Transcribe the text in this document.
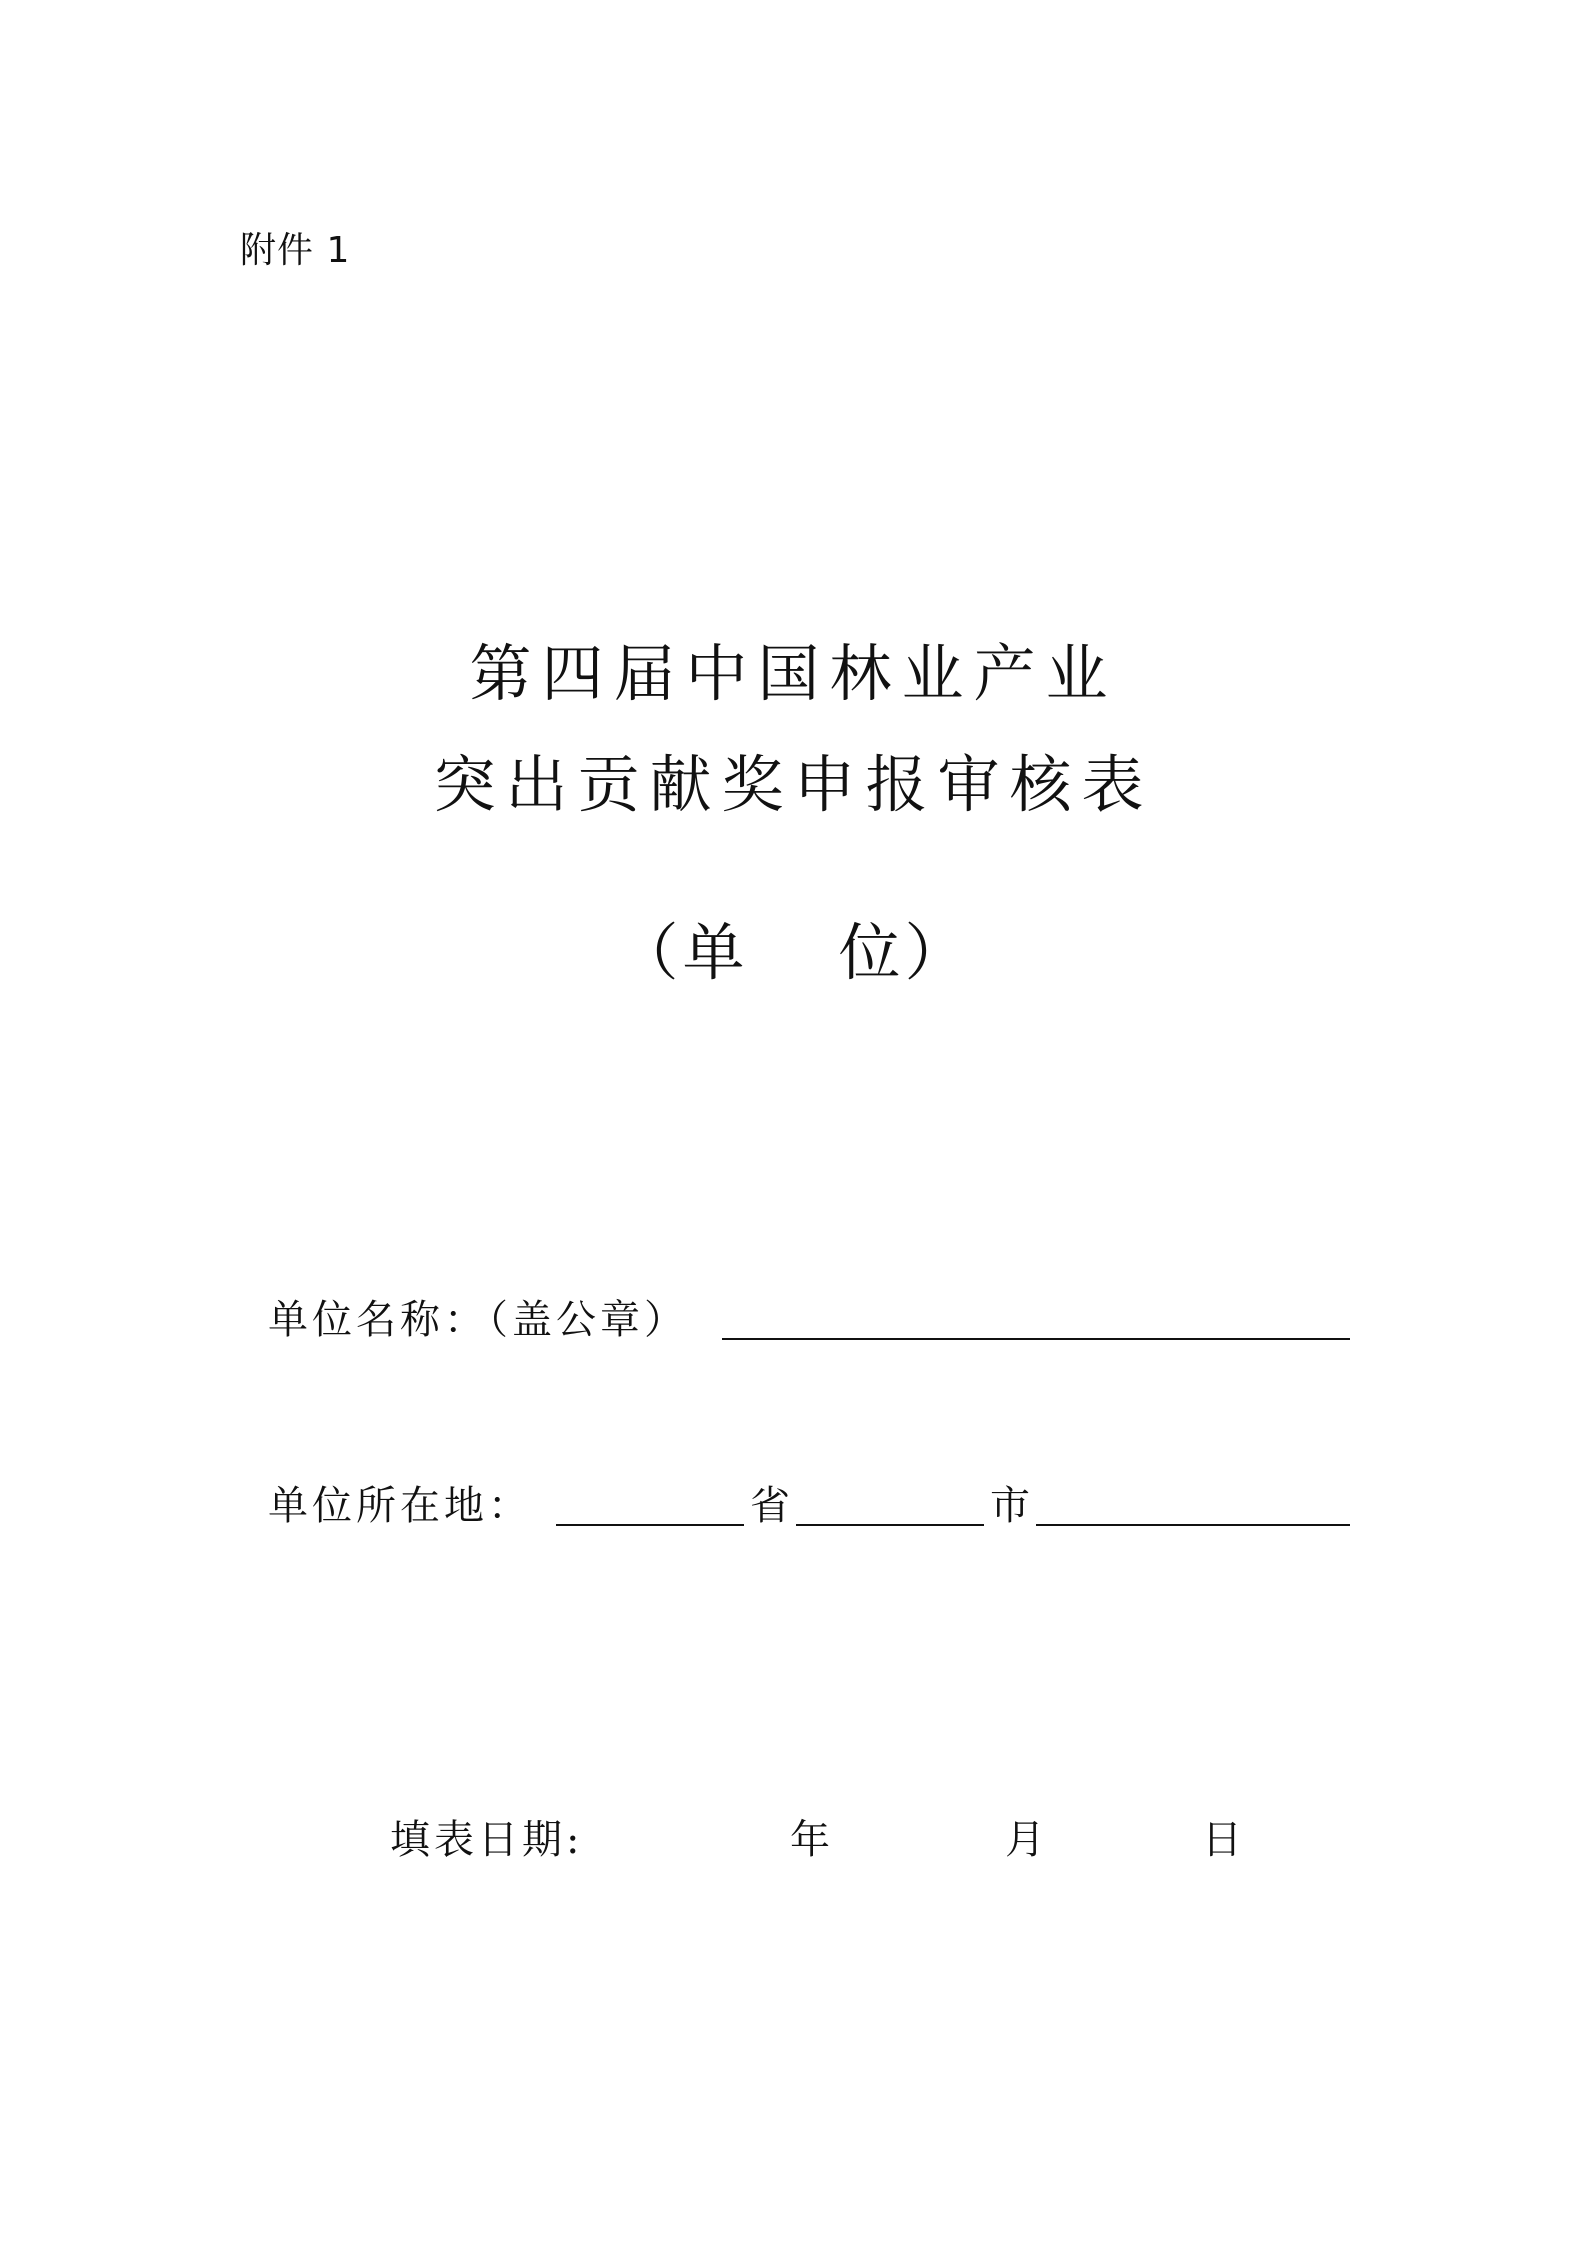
附件 1
第四届中国林业产业
突出贡献奖申报审核表
（单 位）
单位名称：（盖公章）
单位所在地：	省	市
填表日期:	年	月	日
